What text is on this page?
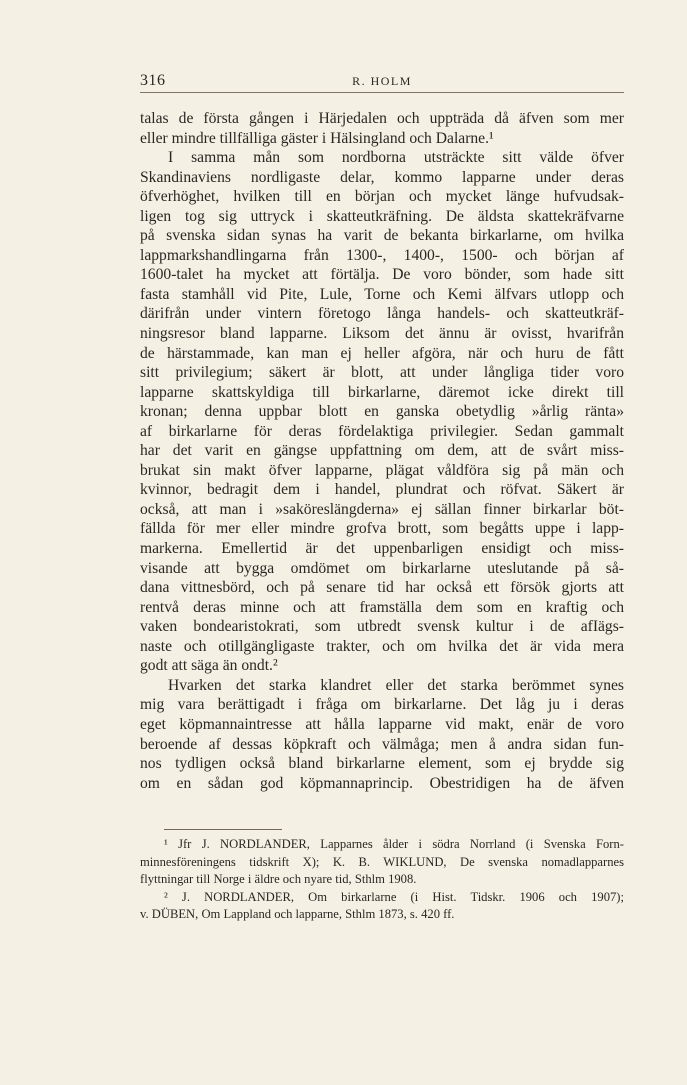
316	R. HOLM
talas de första gången i Härjedalen och uppträda då äfven som mer
eller mindre tillfälliga gäster i Hälsingland och Dalarne.¹
I samma mån som nordborna utsträckte sitt välde öfver
Skandinaviens nordligaste delar, kommo lapparne under deras
öfverhöghet, hvilken till en början och mycket länge hufvudsak-
ligen tog sig uttryck i skatteutkräfning. De äldsta skattekräfvarne
på svenska sidan synas ha varit de bekanta birkarlarne, om hvilka
lappmarkshandlingarna från 1300-, 1400-, 1500- och början af
1600-talet ha mycket att förtälja. De voro bönder, som hade sitt
fasta stamhåll vid Pite, Lule, Torne och Kemi älfvars utlopp och
därifrån under vintern företogo långa handels- och skatteutkräf-
ningsresor bland lapparne. Liksom det ännu är ovisst, hvarifrån
de härstammade, kan man ej heller afgöra, när och huru de fått
sitt privilegium; säkert är blott, att under långliga tider voro
lapparne skattskyldiga till birkarlarne, däremot icke direkt till
kronan; denna uppbar blott en ganska obetydlig »årlig ränta»
af birkarlarne för deras fördelaktiga privilegier. Sedan gammalt
har det varit en gängse uppfattning om dem, att de svårt miss-
brukat sin makt öfver lapparne, plägat våldföra sig på män och
kvinnor, bedragit dem i handel, plundrat och röfvat. Säkert är
också, att man i »saköreslängderna» ej sällan finner birkarlar böt-
fällda för mer eller mindre grofva brott, som begåtts uppe i lapp-
markerna. Emellertid är det uppenbarligen ensidigt och miss-
visande att bygga omdömet om birkarlarne uteslutande på så-
dana vittnesbörd, och på senare tid har också ett försök gjorts att
rentvå deras minne och att framställa dem som en kraftig och
vaken bondearistokrati, som utbredt svensk kultur i de afIägs-
naste och otillgängligaste trakter, och om hvilka det är vida mera
godt att säga än ondt.²
Hvarken det starka klandret eller det starka berömmet synes
mig vara berättigadt i fråga om birkarlarne. Det låg ju i deras
eget köpmannaintresse att hålla lapparne vid makt, enär de voro
beroende af dessas köpkraft och välmåga; men å andra sidan fun-
nos tydligen också bland birkarlarne element, som ej brydde sig
om en sådan god köpmannaprincip. Obestridigen ha de äfven
¹ Jfr J. NORDLANDER, Lapparnes ålder i södra Norrland (i Svenska Forn-
minnesföreningens tidskrift X); K. B. WIKLUND, De svenska nomadlapparnes
flyttningar till Norge i äldre och nyare tid, Sthlm 1908.
² J. NORDLANDER, Om birkarlarne (i Hist. Tidskr. 1906 och 1907);
v. DÜBEN, Om Lappland och lapparne, Sthlm 1873, s. 420 ff.
